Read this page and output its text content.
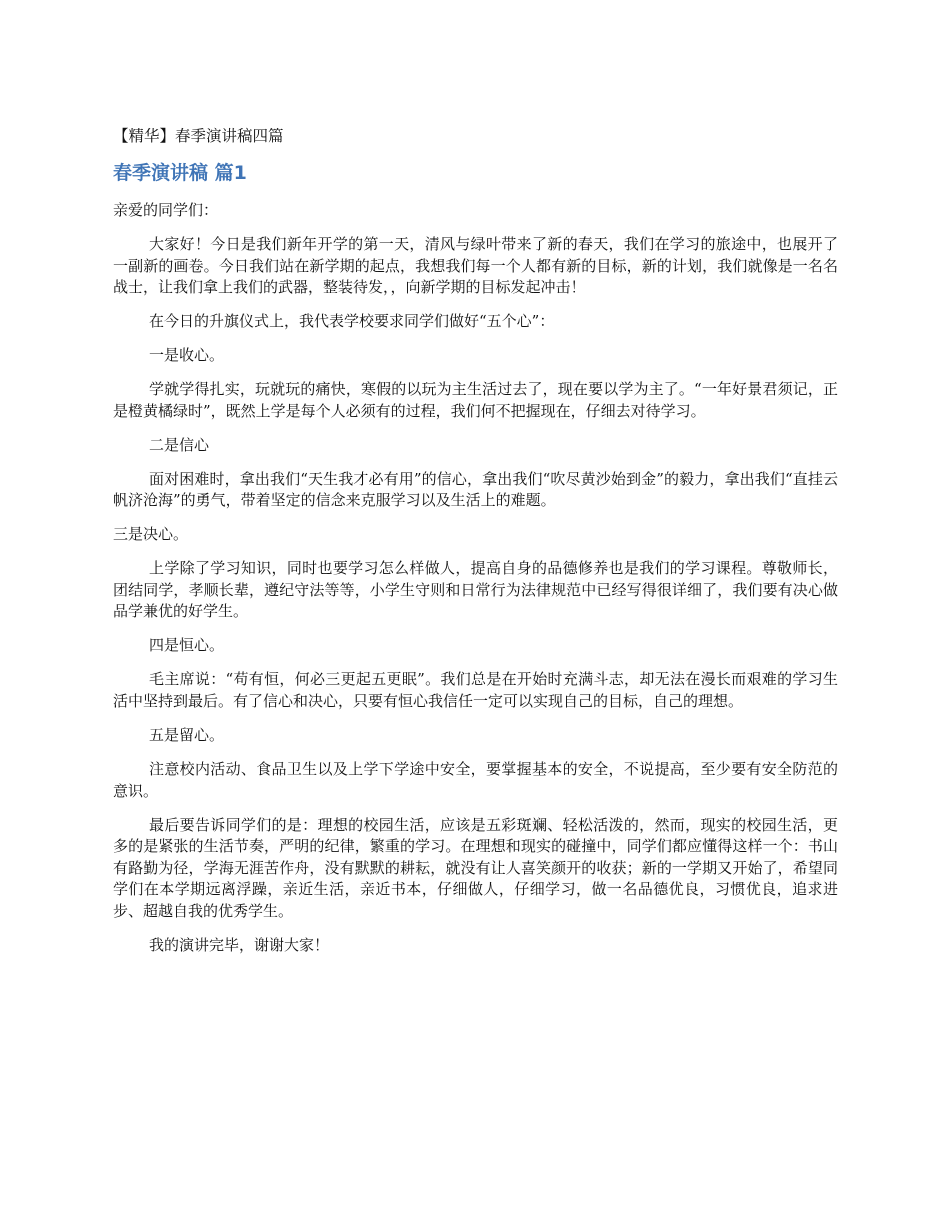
【精华】春季演讲稿四篇
春季演讲稿 篇1

亲爱的同学们：

大家好！今日是我们新年开学的第一天，清风与绿叶带来了新的春天，我们在学习的旅途中，也展开了一副新的画卷。今日我们站在新学期的起点，我想我们每一个人都有新的目标，新的计划，我们就像是一名名战士，让我们拿上我们的武器，整装待发，，向新学期的目标发起冲击！

在今日的升旗仪式上，我代表学校要求同学们做好“五个心”：

一是收心。

学就学得扎实，玩就玩的痛快，寒假的以玩为主生活过去了，现在要以学为主了。“一年好景君须记，正是橙黄橘绿时”，既然上学是每个人必须有的过程，我们何不把握现在，仔细去对待学习。

二是信心

面对困难时，拿出我们“天生我才必有用”的信心，拿出我们“吹尽黄沙始到金”的毅力，拿出我们“直挂云帆济沧海”的勇气，带着坚定的信念来克服学习以及生活上的难题。

三是决心。

上学除了学习知识，同时也要学习怎么样做人，提高自身的品德修养也是我们的学习课程。尊敬师长，团结同学，孝顺长辈，遵纪守法等等，小学生守则和日常行为法律规范中已经写得很详细了，我们要有决心做品学兼优的好学生。

四是恒心。

毛主席说：“苟有恒，何必三更起五更眠”。我们总是在开始时充满斗志，却无法在漫长而艰难的学习生活中坚持到最后。有了信心和决心，只要有恒心我信任一定可以实现自己的目标，自己的理想。

五是留心。

注意校内活动、食品卫生以及上学下学途中安全，要掌握基本的安全，不说提高，至少要有安全防范的意识。

最后要告诉同学们的是：理想的校园生活，应该是五彩斑斓、轻松活泼的，然而，现实的校园生活，更多的是紧张的生活节奏，严明的纪律，繁重的学习。在理想和现实的碰撞中，同学们都应懂得这样一个：书山有路勤为径，学海无涯苦作舟，没有默默的耕耘，就没有让人喜笑颜开的收获；新的一学期又开始了，希望同学们在本学期远离浮躁，亲近生活，亲近书本，仔细做人，仔细学习，做一名品德优良，习惯优良，追求进步、超越自我的优秀学生。

我的演讲完毕，谢谢大家！
